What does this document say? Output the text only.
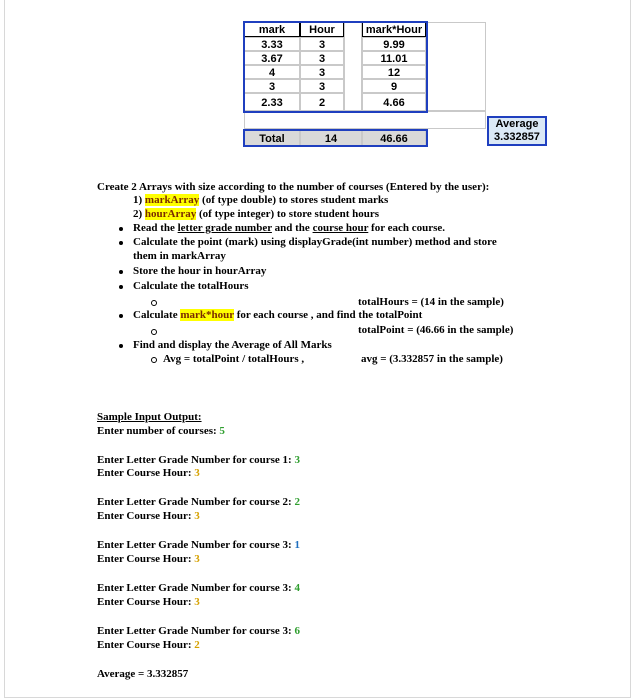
mark	Hour	mark*Hour
3.33	3	9.99
3.67	3	11.01
4	3	12
3	3	9
2.33	2	4.66
Total	14	46.66
Average
3.332857
Create 2 Arrays with size according to the number of courses (Entered by the user):
1) markArray (of type double) to stores student marks
2) hourArray (of type integer) to store student hours
Read the letter grade number and the course hour for each course.
Calculate the point (mark) using displayGrade(int number) method and store
them in markArray
Store the hour in hourArray
Calculate the totalHours
totalHours = (14 in the sample)
Calculate mark*hour for each course , and find the totalPoint
totalPoint = (46.66 in the sample)
Find and display the Average of All Marks
Avg = totalPoint / totalHours ,	avg = (3.332857 in the sample)
Sample Input Output:
Enter number of courses: 5
Enter Letter Grade Number for course 1: 3
Enter Course Hour: 3
Enter Letter Grade Number for course 2: 2
Enter Course Hour: 3
Enter Letter Grade Number for course 3: 1
Enter Course Hour: 3
Enter Letter Grade Number for course 3: 4
Enter Course Hour: 3
Enter Letter Grade Number for course 3: 6
Enter Course Hour: 2
Average = 3.332857
